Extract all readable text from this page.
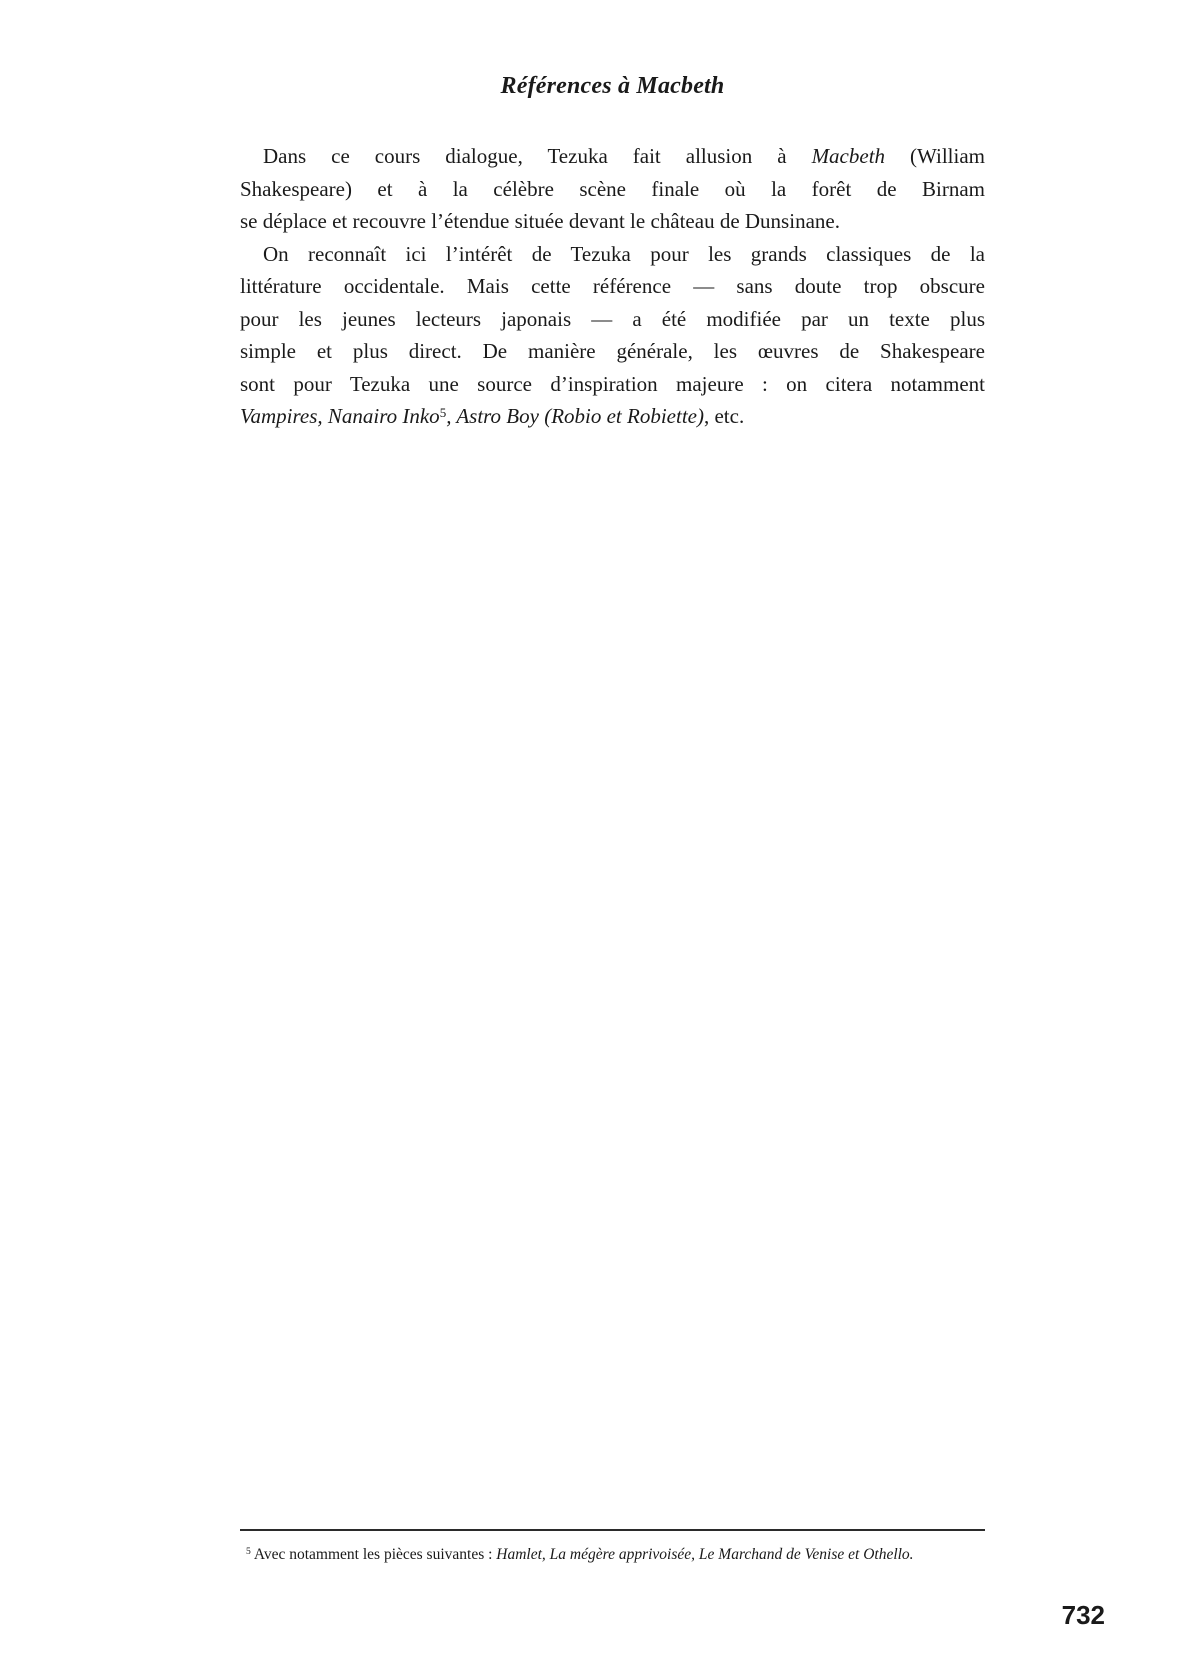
Références à Macbeth
Dans ce cours dialogue, Tezuka fait allusion à Macbeth (William
Shakespeare) et à la célèbre scène finale où la forêt de Birnam
se déplace et recouvre l’étendue située devant le château de Dunsinane.
On reconnaît ici l’intérêt de Tezuka pour les grands classiques de la
littérature occidentale. Mais cette référence — sans doute trop obscure
pour les jeunes lecteurs japonais — a été modifiée par un texte plus
simple et plus direct. De manière générale, les œuvres de Shakespeare
sont pour Tezuka une source d’inspiration majeure : on citera notamment
Vampires, Nanairo Inko$^5$, Astro Boy (Robio et Robiette), etc.
$^5$ Avec notamment les pièces suivantes : Hamlet, La mégère apprivoisée, Le Marchand de Venise et Othello.
732
